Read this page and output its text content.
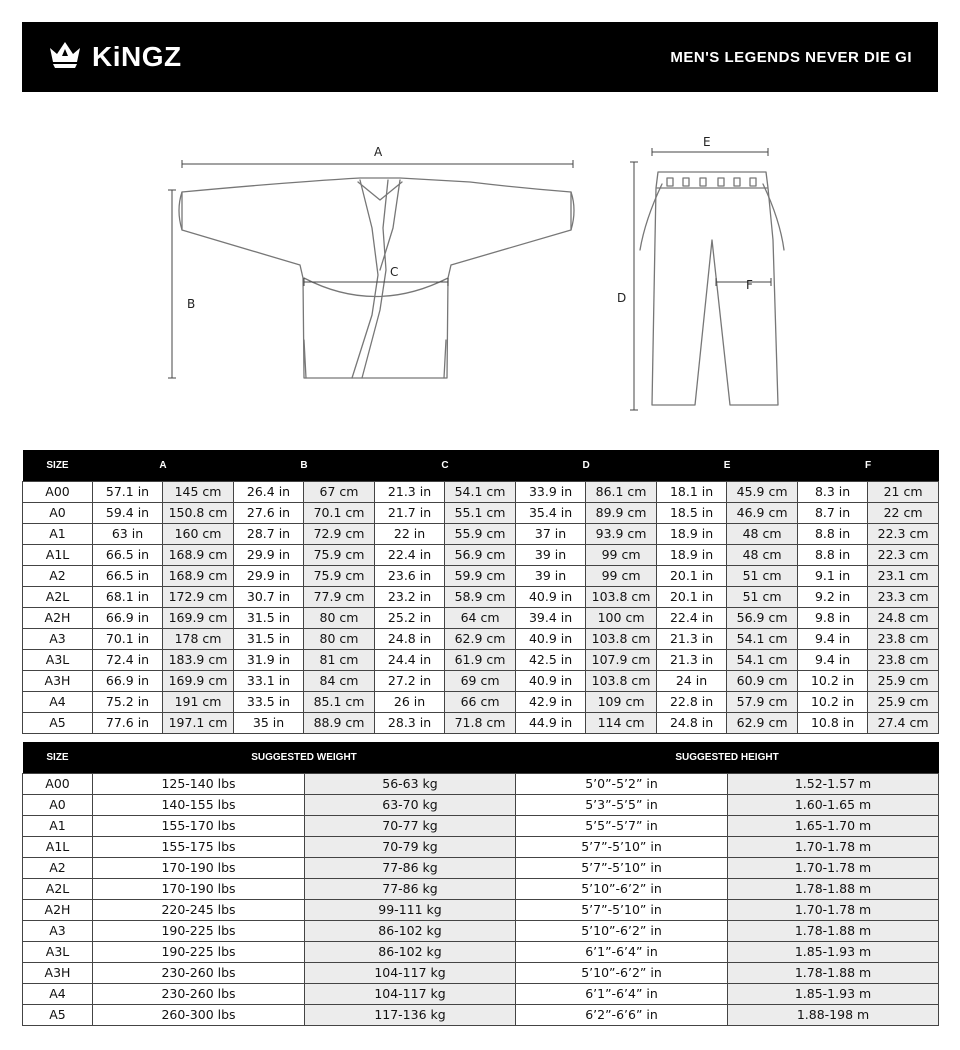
KiNGZ	MEN'S LEGENDS NEVER DIE GI
A
B
C
E
D
F
SIZE	A		B		C		D		E		F	
A00	57.1 in	145 cm	26.4 in	67 cm	21.3 in	54.1 cm	33.9 in	86.1 cm	18.1 in	45.9 cm	8.3 in	21 cm
A0	59.4 in	150.8 cm	27.6 in	70.1 cm	21.7 in	55.1 cm	35.4 in	89.9 cm	18.5 in	46.9 cm	8.7 in	22 cm
A1	63 in	160 cm	28.7 in	72.9 cm	22 in	55.9 cm	37 in	93.9 cm	18.9 in	48 cm	8.8 in	22.3 cm
A1L	66.5 in	168.9 cm	29.9 in	75.9 cm	22.4 in	56.9 cm	39 in	99 cm	18.9 in	48 cm	8.8 in	22.3 cm
A2	66.5 in	168.9 cm	29.9 in	75.9 cm	23.6 in	59.9 cm	39 in	99 cm	20.1 in	51 cm	9.1 in	23.1 cm
A2L	68.1 in	172.9 cm	30.7 in	77.9 cm	23.2 in	58.9 cm	40.9 in	103.8 cm	20.1 in	51 cm	9.2 in	23.3 cm
A2H	66.9 in	169.9 cm	31.5 in	80 cm	25.2 in	64 cm	39.4 in	100 cm	22.4 in	56.9 cm	9.8 in	24.8 cm
A3	70.1 in	178 cm	31.5 in	80 cm	24.8 in	62.9 cm	40.9 in	103.8 cm	21.3 in	54.1 cm	9.4 in	23.8 cm
A3L	72.4 in	183.9 cm	31.9 in	81 cm	24.4 in	61.9 cm	42.5 in	107.9 cm	21.3 in	54.1 cm	9.4 in	23.8 cm
A3H	66.9 in	169.9 cm	33.1 in	84 cm	27.2 in	69 cm	40.9 in	103.8 cm	24 in	60.9 cm	10.2 in	25.9 cm
A4	75.2 in	191 cm	33.5 in	85.1 cm	26 in	66 cm	42.9 in	109 cm	22.8 in	57.9 cm	10.2 in	25.9 cm
A5	77.6 in	197.1 cm	35 in	88.9 cm	28.3 in	71.8 cm	44.9 in	114 cm	24.8 in	62.9 cm	10.8 in	27.4 cm
SIZE	SUGGESTED WEIGHT		SUGGESTED HEIGHT	
A00	125-140 lbs	56-63 kg	5’0”-5’2” in	1.52-1.57 m
A0	140-155 lbs	63-70 kg	5’3”-5’5” in	1.60-1.65 m
A1	155-170 lbs	70-77 kg	5’5”-5’7” in	1.65-1.70 m
A1L	155-175 lbs	70-79 kg	5’7”-5’10” in	1.70-1.78 m
A2	170-190 lbs	77-86 kg	5’7”-5’10” in	1.70-1.78 m
A2L	170-190 lbs	77-86 kg	5’10”-6’2” in	1.78-1.88 m
A2H	220-245 lbs	99-111 kg	5’7”-5’10” in	1.70-1.78 m
A3	190-225 lbs	86-102 kg	5’10”-6’2” in	1.78-1.88 m
A3L	190-225 lbs	86-102 kg	6’1”-6’4” in	1.85-1.93 m
A3H	230-260 lbs	104-117 kg	5’10”-6’2” in	1.78-1.88 m
A4	230-260 lbs	104-117 kg	6’1”-6’4” in	1.85-1.93 m
A5	260-300 lbs	117-136 kg	6’2”-6’6” in	1.88-198 m
